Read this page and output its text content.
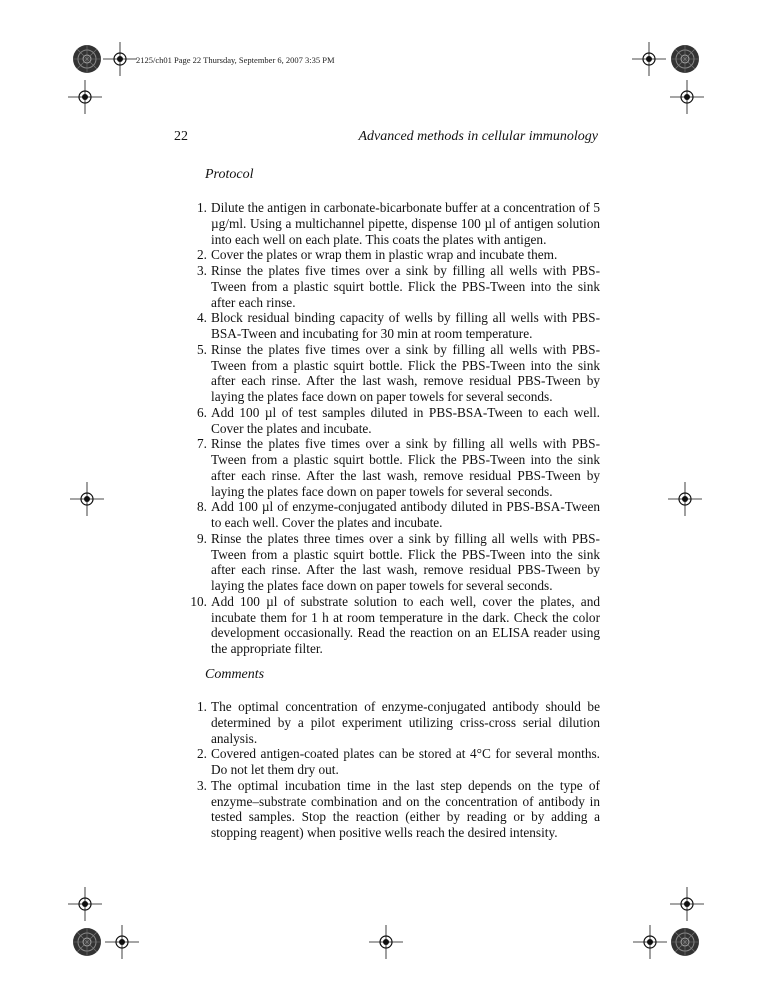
2125/ch01 Page 22 Thursday, September 6, 2007 3:35 PM
22	Advanced methods in cellular immunology
Protocol
1. Dilute the antigen in carbonate-bicarbonate buffer at a concentration of 5 µg/ml. Using a multichannel pipette, dispense 100 µl of antigen solution into each well on each plate. This coats the plates with antigen.
2. Cover the plates or wrap them in plastic wrap and incubate them.
3. Rinse the plates five times over a sink by filling all wells with PBS-Tween from a plastic squirt bottle. Flick the PBS-Tween into the sink after each rinse.
4. Block residual binding capacity of wells by filling all wells with PBS-BSA-Tween and incubating for 30 min at room temperature.
5. Rinse the plates five times over a sink by filling all wells with PBS-Tween from a plastic squirt bottle. Flick the PBS-Tween into the sink after each rinse. After the last wash, remove residual PBS-Tween by laying the plates face down on paper towels for several seconds.
6. Add 100 µl of test samples diluted in PBS-BSA-Tween to each well. Cover the plates and incubate.
7. Rinse the plates five times over a sink by filling all wells with PBS-Tween from a plastic squirt bottle. Flick the PBS-Tween into the sink after each rinse. After the last wash, remove residual PBS-Tween by laying the plates face down on paper towels for several seconds.
8. Add 100 µl of enzyme-conjugated antibody diluted in PBS-BSA-Tween to each well. Cover the plates and incubate.
9. Rinse the plates three times over a sink by filling all wells with PBS-Tween from a plastic squirt bottle. Flick the PBS-Tween into the sink after each rinse. After the last wash, remove residual PBS-Tween by laying the plates face down on paper towels for several seconds.
10. Add 100 µl of substrate solution to each well, cover the plates, and incubate them for 1 h at room temperature in the dark. Check the color development occasionally. Read the reaction on an ELISA reader using the appropriate filter.
Comments
1. The optimal concentration of enzyme-conjugated antibody should be determined by a pilot experiment utilizing criss-cross serial dilution analysis.
2. Covered antigen-coated plates can be stored at 4°C for several months. Do not let them dry out.
3. The optimal incubation time in the last step depends on the type of enzyme–substrate combination and on the concentration of antibody in tested samples. Stop the reaction (either by reading or by adding a stopping reagent) when positive wells reach the desired intensity.
